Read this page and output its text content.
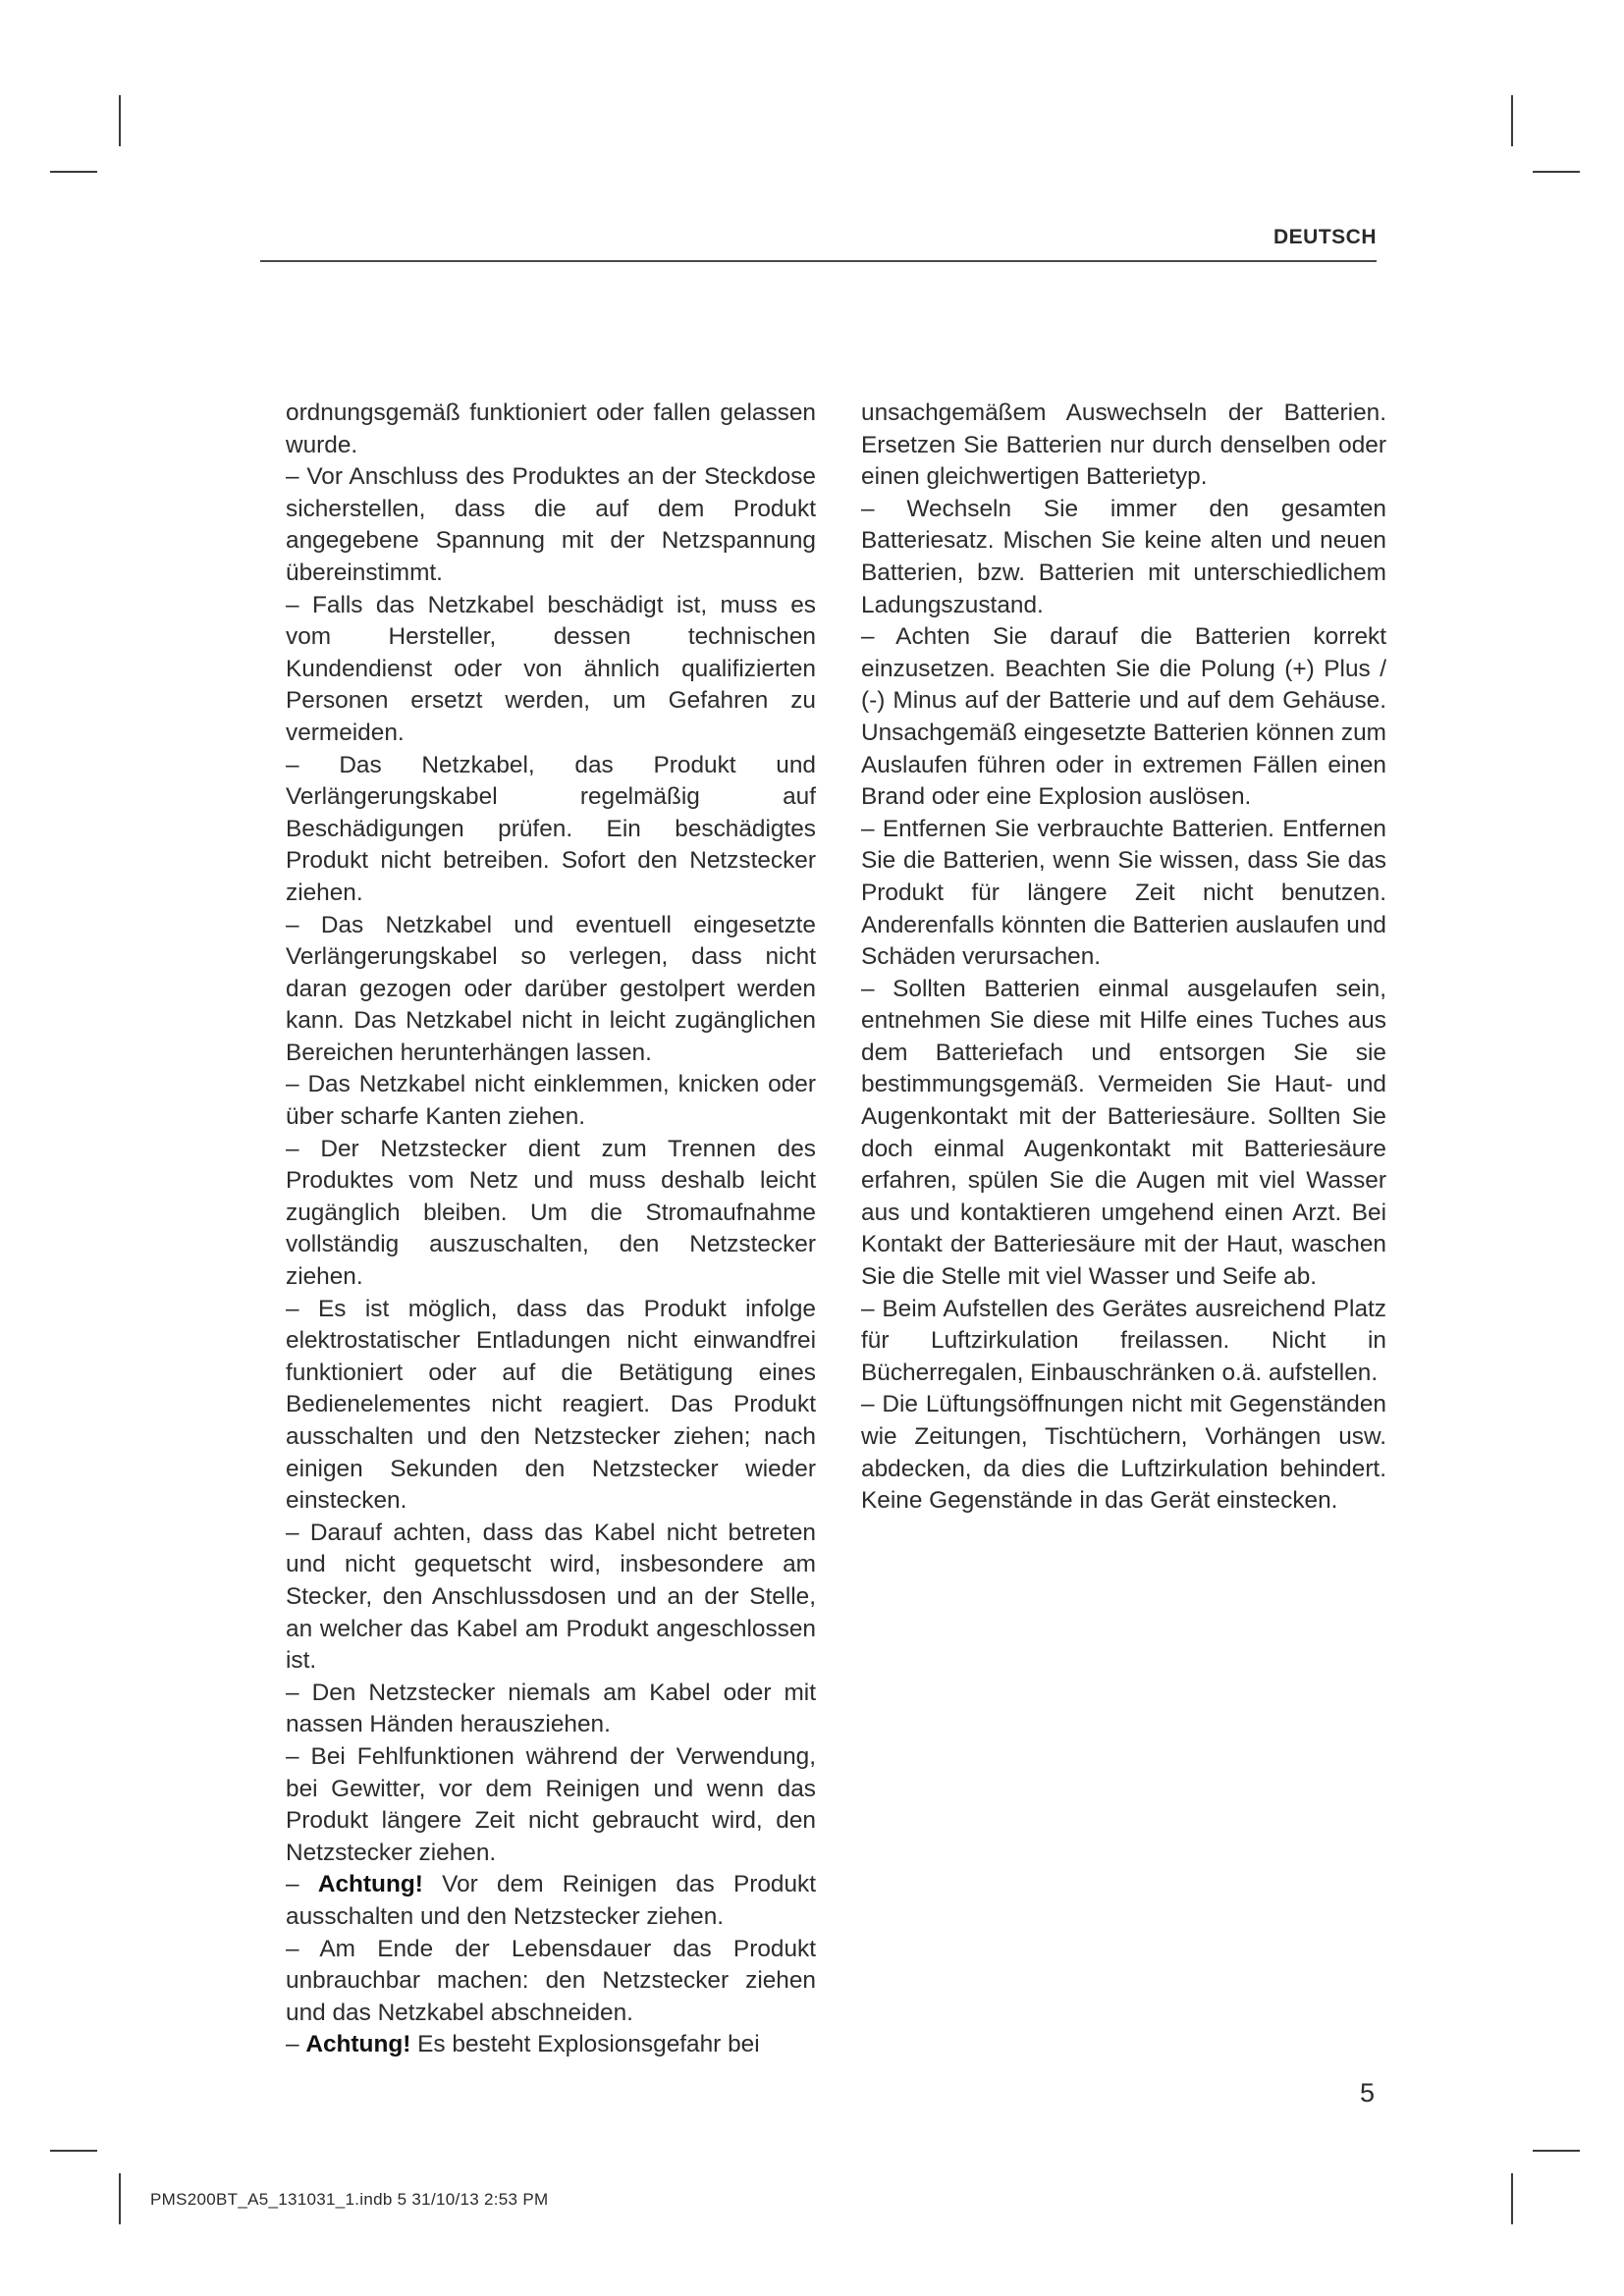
DEUTSCH

ordnungsgemäß funktioniert oder fallen gelassen wurde.

– Vor Anschluss des Produktes an der Steckdose sicherstellen, dass die auf dem Produkt angegebene Spannung mit der Netzspannung übereinstimmt.

– Falls das Netzkabel beschädigt ist, muss es vom Hersteller, dessen technischen Kundendienst oder von ähnlich qualifizierten Personen ersetzt werden, um Gefahren zu vermeiden.

– Das Netzkabel, das Produkt und Verlängerungskabel regelmäßig auf Beschädigungen prüfen. Ein beschädigtes Produkt nicht betreiben. Sofort den Netzstecker ziehen.

– Das Netzkabel und eventuell eingesetzte Verlängerungskabel so verlegen, dass nicht daran gezogen oder darüber gestolpert werden kann. Das Netzkabel nicht in leicht zugänglichen Bereichen herunterhängen lassen.

– Das Netzkabel nicht einklemmen, knicken oder über scharfe Kanten ziehen.

– Der Netzstecker dient zum Trennen des Produktes vom Netz und muss deshalb leicht zugänglich bleiben. Um die Stromaufnahme vollständig auszuschalten, den Netzstecker ziehen.

– Es ist möglich, dass das Produkt infolge elektrostatischer Entladungen nicht einwandfrei funktioniert oder auf die Betätigung eines Bedienelementes nicht reagiert. Das Produkt ausschalten und den Netzstecker ziehen; nach einigen Sekunden den Netzstecker wieder einstecken.

– Darauf achten, dass das Kabel nicht betreten und nicht gequetscht wird, insbesondere am Stecker, den Anschlussdosen und an der Stelle, an welcher das Kabel am Produkt angeschlossen ist.

– Den Netzstecker niemals am Kabel oder mit nassen Händen herausziehen.

– Bei Fehlfunktionen während der Verwendung, bei Gewitter, vor dem Reinigen und wenn das Produkt längere Zeit nicht gebraucht wird, den Netzstecker ziehen.

– Achtung! Vor dem Reinigen das Produkt ausschalten und den Netzstecker ziehen.

– Am Ende der Lebensdauer das Produkt unbrauchbar machen: den Netzstecker ziehen und das Netzkabel abschneiden.

– Achtung! Es besteht Explosionsgefahr bei

unsachgemäßem Auswechseln der Batterien. Ersetzen Sie Batterien nur durch denselben oder einen gleichwertigen Batterietyp.

– Wechseln Sie immer den gesamten Batteriesatz. Mischen Sie keine alten und neuen Batterien, bzw. Batterien mit unterschiedlichem Ladungszustand.

– Achten Sie darauf die Batterien korrekt einzusetzen. Beachten Sie die Polung (+) Plus / (-) Minus auf der Batterie und auf dem Gehäuse. Unsachgemäß eingesetzte Batterien können zum Auslaufen führen oder in extremen Fällen einen Brand oder eine Explosion auslösen.

– Entfernen Sie verbrauchte Batterien. Entfernen Sie die Batterien, wenn Sie wissen, dass Sie das Produkt für längere Zeit nicht benutzen. Anderenfalls könnten die Batterien auslaufen und Schäden verursachen.

– Sollten Batterien einmal ausgelaufen sein, entnehmen Sie diese mit Hilfe eines Tuches aus dem Batteriefach und entsorgen Sie sie bestimmungsgemäß. Vermeiden Sie Haut- und Augenkontakt mit der Batteriesäure. Sollten Sie doch einmal Augenkontakt mit Batteriesäure erfahren, spülen Sie die Augen mit viel Wasser aus und kontaktieren umgehend einen Arzt. Bei Kontakt der Batteriesäure mit der Haut, waschen Sie die Stelle mit viel Wasser und Seife ab.

– Beim Aufstellen des Gerätes ausreichend Platz für Luftzirkulation freilassen. Nicht in Bücherregalen, Einbauschränken o.ä. aufstellen.

– Die Lüftungsöffnungen nicht mit Gegenständen wie Zeitungen, Tischtüchern, Vorhängen usw. abdecken, da dies die Luftzirkulation behindert. Keine Gegenstände in das Gerät einstecken.

5
PMS200BT_A5_131031_1.indb 5 31/10/13 2:53 PM
